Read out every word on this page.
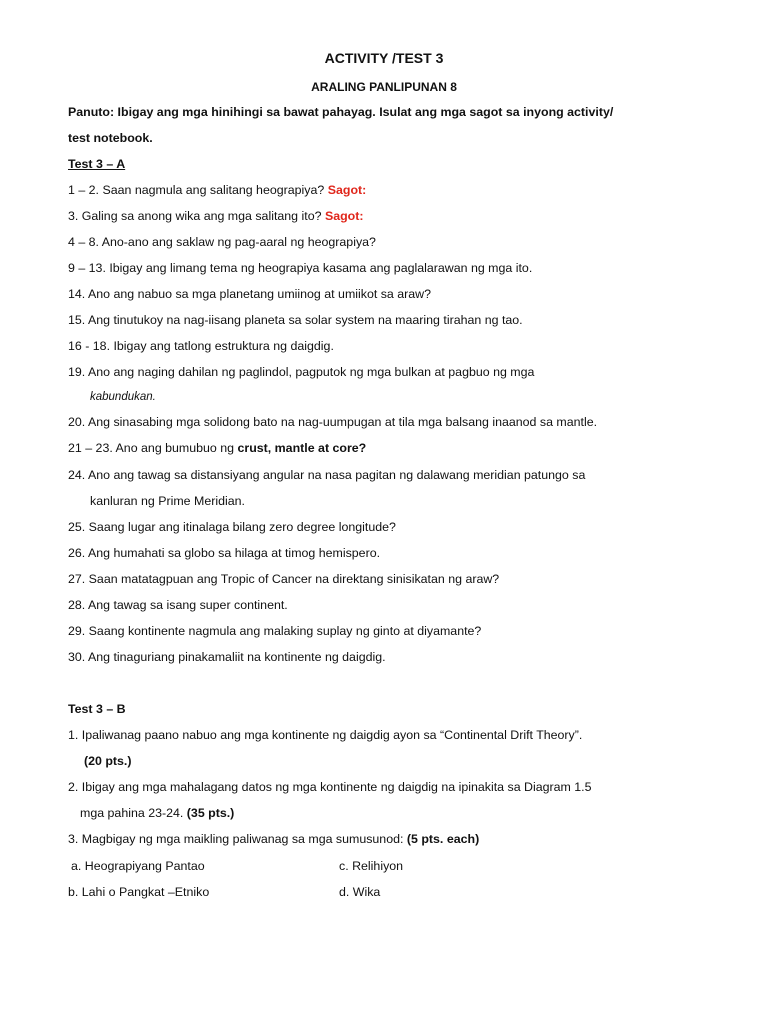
ACTIVITY /TEST 3
ARALING PANLIPUNAN 8
Panuto: Ibigay ang mga hinihingi sa bawat pahayag. Isulat ang mga sagot sa inyong activity/
test notebook.
Test 3 – A
1 – 2. Saan nagmula ang salitang heograpiya? Sagot:
3. Galing sa anong wika ang mga salitang ito? Sagot:
4 – 8. Ano-ano ang saklaw ng pag-aaral ng heograpiya?
9 – 13. Ibigay ang limang tema ng heograpiya kasama ang paglalarawan ng mga ito.
14. Ano ang nabuo sa mga planetang umiinog at umiikot sa araw?
15. Ang tinutukoy na nag-iisang planeta sa solar system na maaring tirahan ng tao.
16 - 18. Ibigay ang tatlong estruktura ng daigdig.
19. Ano ang naging dahilan ng paglindol, pagputok ng mga bulkan at pagbuo ng mga
kabundukan.
20. Ang sinasabing mga solidong bato na nag-uumpugan at tila mga balsang inaanod sa mantle.
21 – 23. Ano ang bumubuo ng crust, mantle at core?
24. Ano ang tawag sa distansiyang angular na nasa pagitan ng dalawang meridian patungo sa
kanluran ng Prime Meridian.
25. Saang lugar ang itinalaga bilang zero degree longitude?
26. Ang humahati sa globo sa hilaga at timog hemispero.
27. Saan matatagpuan ang Tropic of Cancer na direktang sinisikatan ng araw?
28. Ang tawag sa isang super continent.
29. Saang kontinente nagmula ang malaking suplay ng ginto at diyamante?
30. Ang tinaguriang pinakamaliit na kontinente ng daigdig.
Test 3 – B
1. Ipaliwanag paano nabuo ang mga kontinente ng daigdig ayon sa “Continental Drift Theory”.
(20 pts.)
2. Ibigay ang mga mahalagang datos ng mga kontinente ng daigdig na ipinakita sa Diagram 1.5
mga pahina 23-24. (35 pts.)
3. Magbigay ng mga maikling paliwanag sa mga sumusunod: (5 pts. each)
a. Heograpiyang Pantao	c. Relihiyon
b. Lahi o Pangkat –Etniko	d. Wika
